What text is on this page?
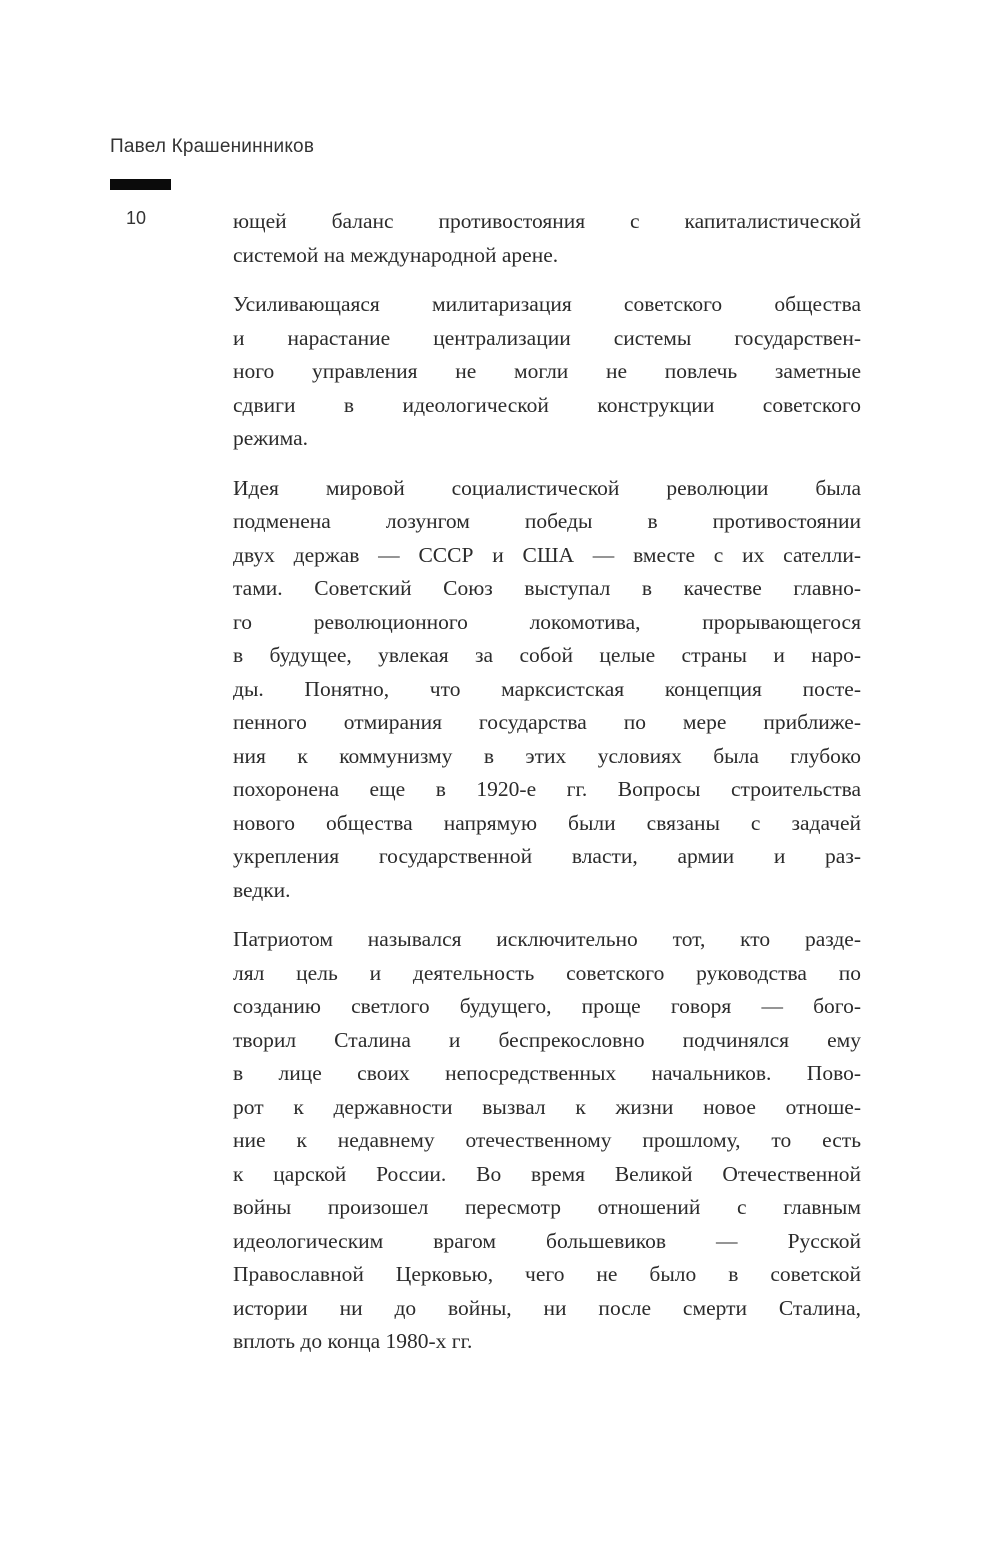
Павел Крашенинников
10	ющей баланс противостояния с капиталистической
системой на международной арене.
Усиливающаяся милитаризация советского общества
и нарастание централизации системы государствен-
ного управления не могли не повлечь заметные
сдвиги в идеологической конструкции советского
режима.
Идея мировой социалистической революции была
подменена лозунгом победы в противостоянии
двух держав — СССР и США — вместе с их сателли-
тами. Советский Союз выступал в качестве главно-
го революционного локомотива, прорывающегося
в будущее, увлекая за собой целые страны и наро-
ды. Понятно, что марксистская концепция посте-
пенного отмирания государства по мере приближе-
ния к коммунизму в этих условиях была глубоко
похоронена еще в 1920-е гг. Вопросы строительства
нового общества напрямую были связаны с задачей
укрепления государственной власти, армии и раз-
ведки.
Патриотом назывался исключительно тот, кто разде-
лял цель и деятельность советского руководства по
созданию светлого будущего, проще говоря — бого-
творил Сталина и беспрекословно подчинялся ему
в лице своих непосредственных начальников. Пово-
рот к державности вызвал к жизни новое отноше-
ние к недавнему отечественному прошлому, то есть
к царской России. Во время Великой Отечественной
войны произошел пересмотр отношений с главным
идеологическим врагом большевиков — Русской
Православной Церковью, чего не было в советской
истории ни до войны, ни после смерти Сталина,
вплоть до конца 1980-х гг.
